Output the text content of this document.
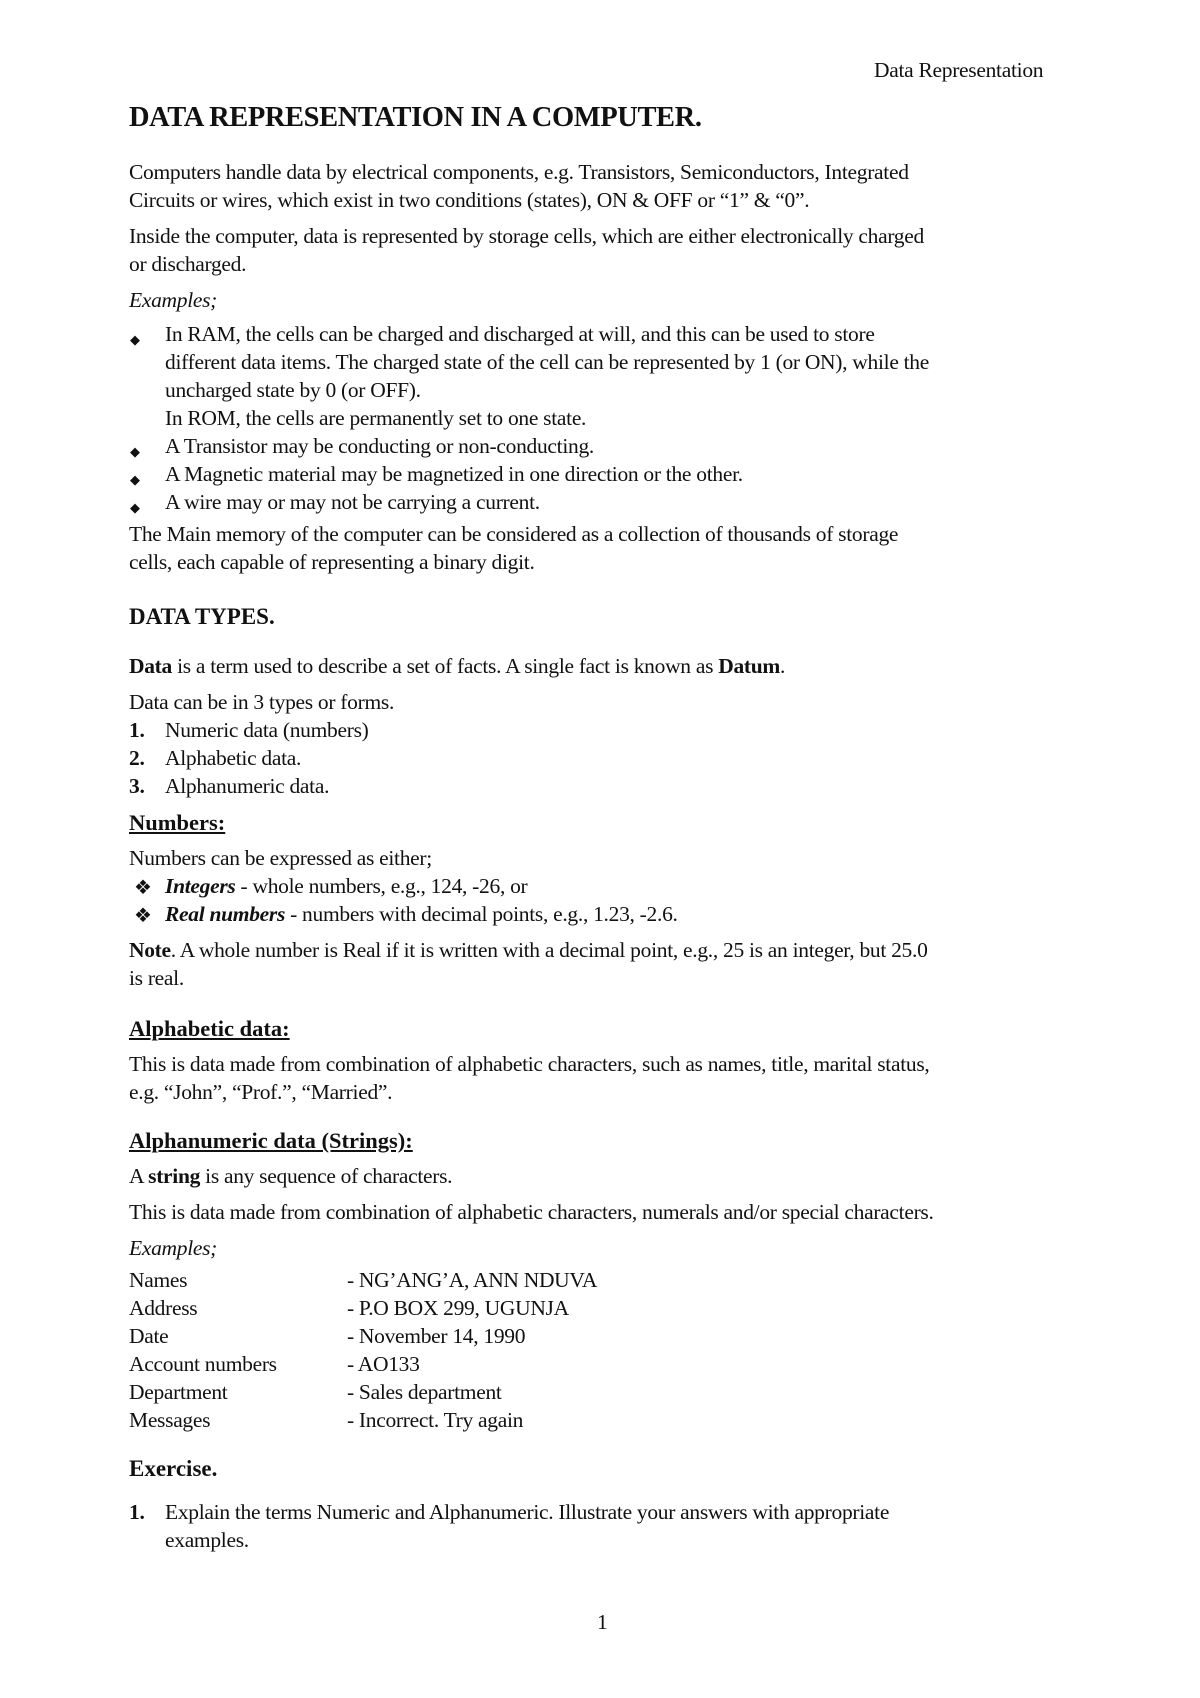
Data Representation
DATA REPRESENTATION IN A COMPUTER.
Computers handle data by electrical components, e.g. Transistors, Semiconductors, Integrated
Circuits or wires, which exist in two conditions (states), ON & OFF or “1” & “0”.
Inside the computer, data is represented by storage cells, which are either electronically charged
or discharged.
Examples;
◆ In RAM, the cells can be charged and discharged at will, and this can be used to store
different data items. The charged state of the cell can be represented by 1 (or ON), while the
uncharged state by 0 (or OFF).
In ROM, the cells are permanently set to one state.
◆ A Transistor may be conducting or non-conducting.
◆ A Magnetic material may be magnetized in one direction or the other.
◆ A wire may or may not be carrying a current.
The Main memory of the computer can be considered as a collection of thousands of storage
cells, each capable of representing a binary digit.
DATA TYPES.
Data is a term used to describe a set of facts. A single fact is known as Datum.
Data can be in 3 types or forms.
1. Numeric data (numbers)
2. Alphabetic data.
3. Alphanumeric data.
Numbers:
Numbers can be expressed as either;
❖ Integers - whole numbers, e.g., 124, -26, or
❖ Real numbers - numbers with decimal points, e.g., 1.23, -2.6.
Note. A whole number is Real if it is written with a decimal point, e.g., 25 is an integer, but 25.0
is real.
Alphabetic data:
This is data made from combination of alphabetic characters, such as names, title, marital status,
e.g. “John”, “Prof.”, “Married”.
Alphanumeric data (Strings):
A string is any sequence of characters.
This is data made from combination of alphabetic characters, numerals and/or special characters.
Examples;
Names	- NG’ANG’A, ANN NDUVA
Address	- P.O BOX 299, UGUNJA
Date	- November 14, 1990
Account numbers	- AO133
Department	- Sales department
Messages	- Incorrect. Try again
Exercise.
1. Explain the terms Numeric and Alphanumeric. Illustrate your answers with appropriate
examples.
1
